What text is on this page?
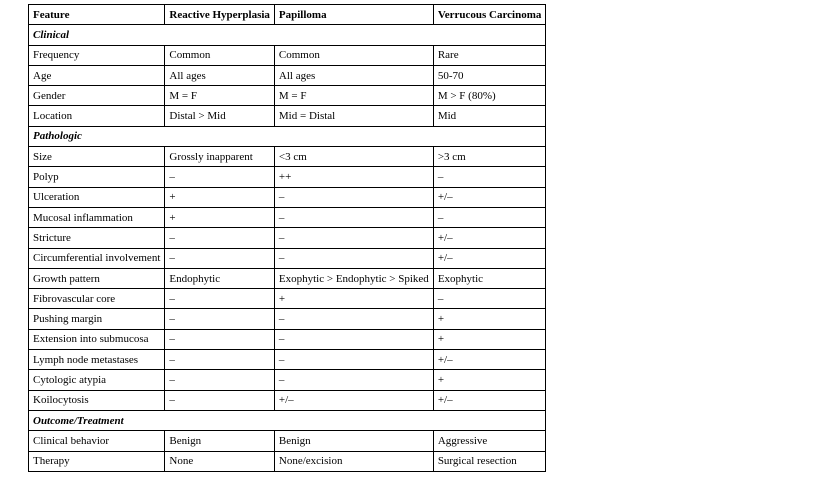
Feature	Reactive Hyperplasia	Papilloma	Verrucous Carcinoma
Clinical			
Frequency	Common	Common	Rare
Age	All ages	All ages	50-70
Gender	M = F	M = F	M > F (80%)
Location	Distal > Mid	Mid = Distal	Mid
Pathologic			
Size	Grossly inapparent	<3 cm	>3 cm
Polyp	–	++	–
Ulceration	+	–	+/–
Mucosal inflammation	+	–	–
Stricture	–	–	+/–
Circumferential involvement	–	–	+/–
Growth pattern	Endophytic	Exophytic > Endophytic > Spiked	Exophytic
Fibrovascular core	–	+	–
Pushing margin	–	–	+
Extension into submucosa	–	–	+
Lymph node metastases	–	–	+/–
Cytologic atypia	–	–	+
Koilocytosis	–	+/–	+/–
Outcome/Treatment			
Clinical behavior	Benign	Benign	Aggressive
Therapy	None	None/excision	Surgical resection
